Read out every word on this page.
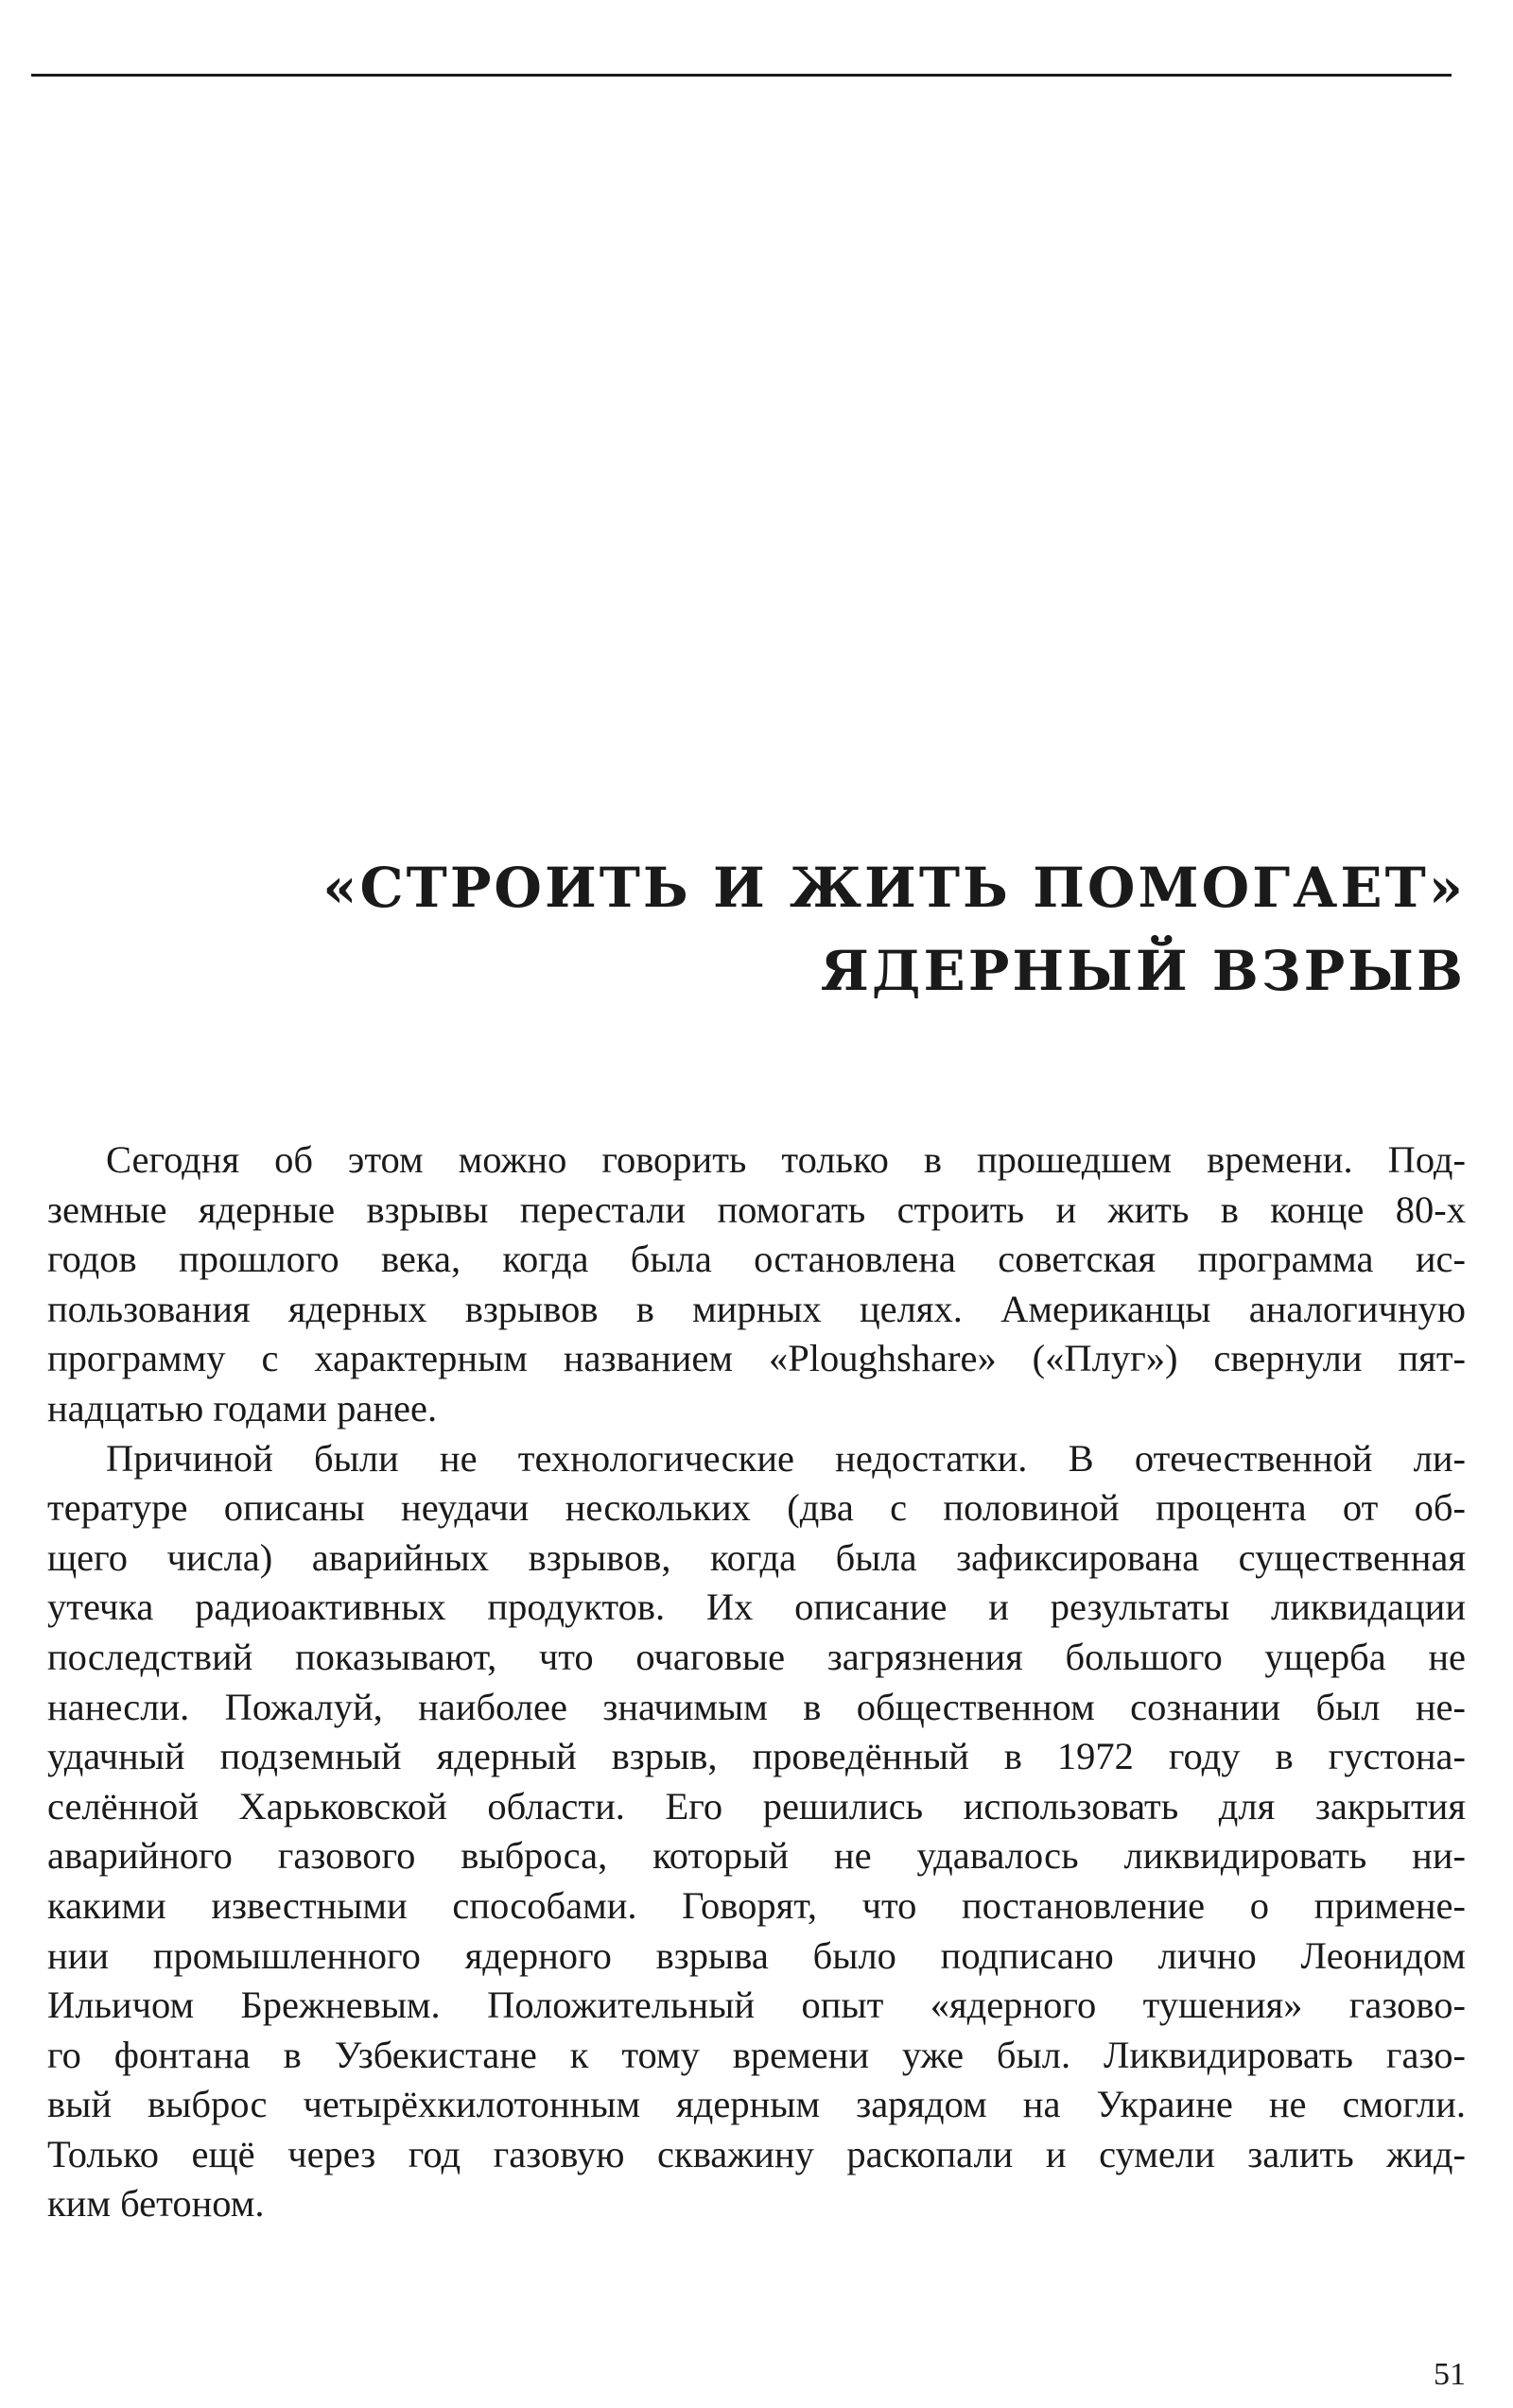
«СТРОИТЬ И ЖИТЬ ПОМОГАЕТ»
ЯДЕРНЫЙ ВЗРЫВ
Сегодня об этом можно говорить только в прошедшем времени. Под-
земные ядерные взрывы перестали помогать строить и жить в конце 80-х
годов прошлого века, когда была остановлена советская программа ис-
пользования ядерных взрывов в мирных целях. Американцы аналогичную
программу с характерным названием «Ploughshare» («Плуг») свернули пят-
надцатью годами ранее.
Причиной были не технологические недостатки. В отечественной ли-
тературе описаны неудачи нескольких (два с половиной процента от об-
щего числа) аварийных взрывов, когда была зафиксирована существенная
утечка радиоактивных продуктов. Их описание и результаты ликвидации
последствий показывают, что очаговые загрязнения большого ущерба не
нанесли. Пожалуй, наиболее значимым в общественном сознании был не-
удачный подземный ядерный взрыв, проведённый в 1972 году в густона-
селённой Харьковской области. Его решились использовать для закрытия
аварийного газового выброса, который не удавалось ликвидировать ни-
какими известными способами. Говорят, что постановление о примене-
нии промышленного ядерного взрыва было подписано лично Леонидом
Ильичом Брежневым. Положительный опыт «ядерного тушения» газово-
го фонтана в Узбекистане к тому времени уже был. Ликвидировать газо-
вый выброс четырёхкилотонным ядерным зарядом на Украине не смогли.
Только ещё через год газовую скважину раскопали и сумели залить жид-
ким бетоном.
51
